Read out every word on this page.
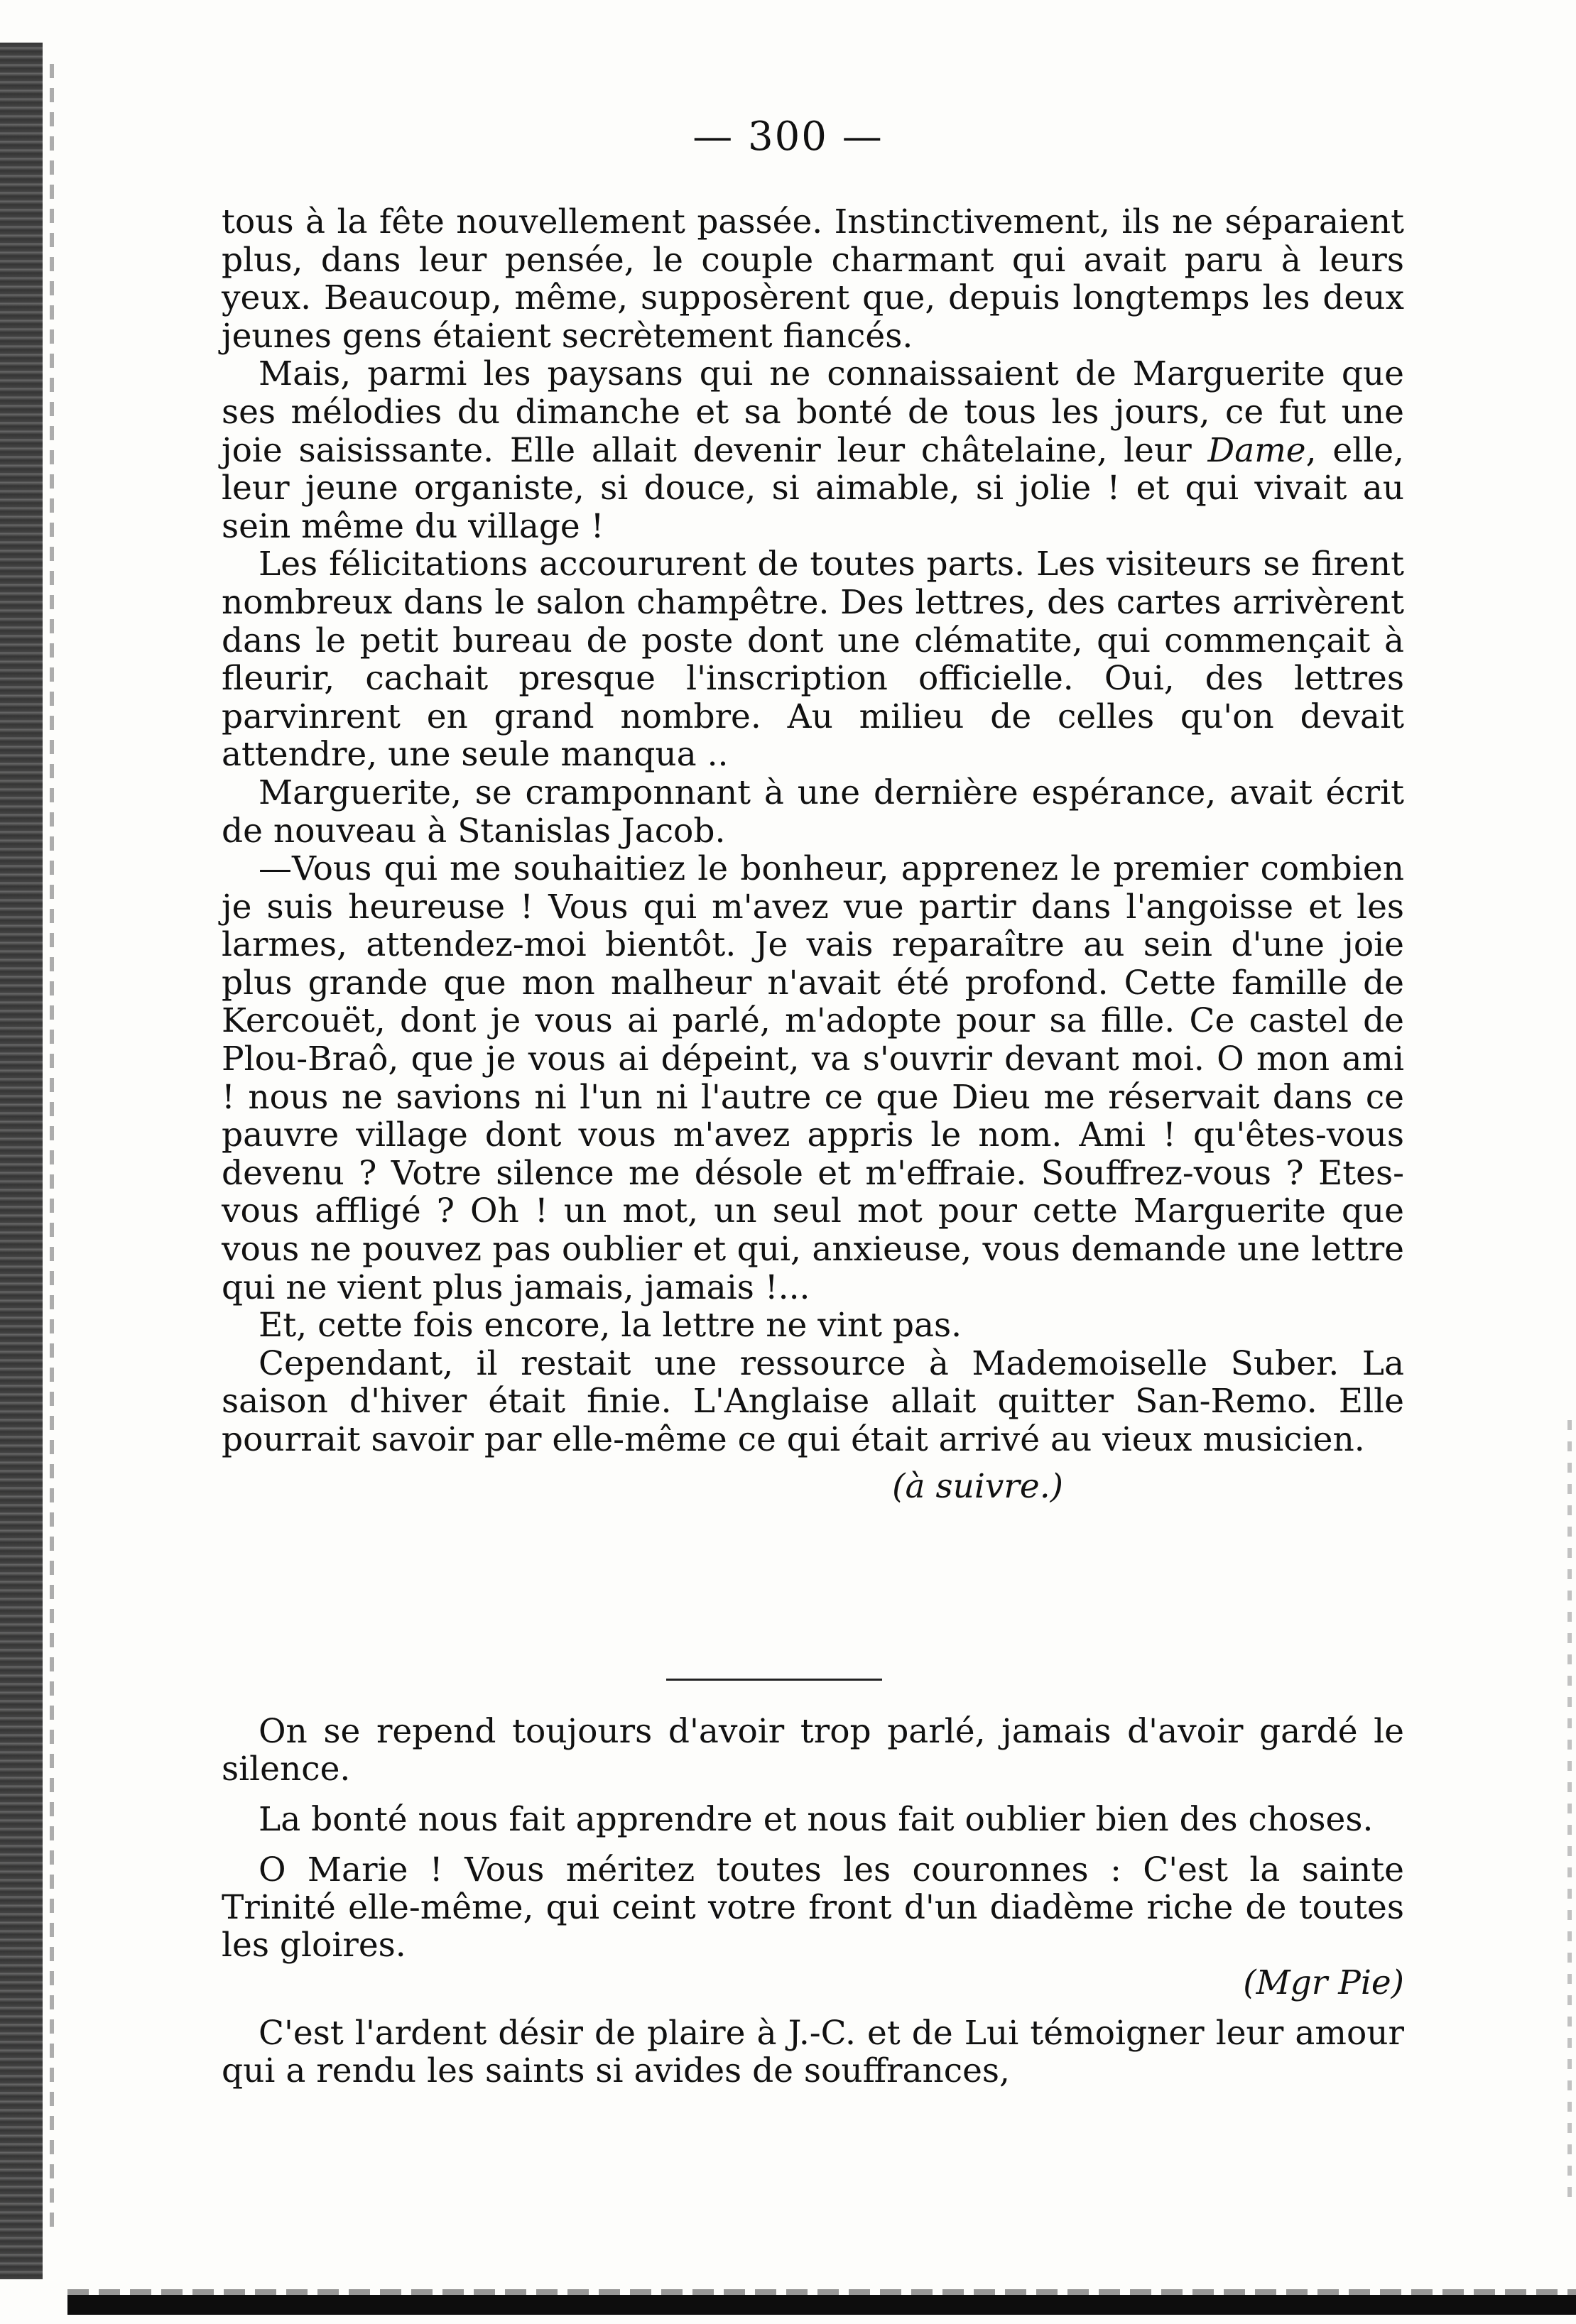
— 300 —

tous à la fête nouvellement passée. Instinctivement, ils ne séparaient plus, dans leur pensée, le couple charmant qui avait paru à leurs yeux. Beaucoup, même, supposèrent que, depuis longtemps les deux jeunes gens étaient secrètement fiancés.

Mais, parmi les paysans qui ne connaissaient de Marguerite que ses mélodies du dimanche et sa bonté de tous les jours, ce fut une joie saisissante. Elle allait devenir leur châtelaine, leur Dame, elle, leur jeune organiste, si douce, si aimable, si jolie ! et qui vivait au sein même du village !

Les félicitations accoururent de toutes parts. Les visiteurs se firent nombreux dans le salon champêtre. Des lettres, des cartes arrivèrent dans le petit bureau de poste dont une clématite, qui commençait à fleurir, cachait presque l'inscription officielle. Oui, des lettres parvinrent en grand nombre. Au milieu de celles qu'on devait attendre, une seule manqua ..

Marguerite, se cramponnant à une dernière espérance, avait écrit de nouveau à Stanislas Jacob.

—Vous qui me souhaitiez le bonheur, apprenez le premier combien je suis heureuse ! Vous qui m'avez vue partir dans l'angoisse et les larmes, attendez-moi bientôt. Je vais reparaître au sein d'une joie plus grande que mon malheur n'avait été profond. Cette famille de Kercouët, dont je vous ai parlé, m'adopte pour sa fille. Ce castel de Plou-Braô, que je vous ai dépeint, va s'ouvrir devant moi. O mon ami ! nous ne savions ni l'un ni l'autre ce que Dieu me réservait dans ce pauvre village dont vous m'avez appris le nom. Ami ! qu'êtes-vous devenu ? Votre silence me désole et m'effraie. Souffrez-vous ? Etes-vous affligé ? Oh ! un mot, un seul mot pour cette Marguerite que vous ne pouvez pas oublier et qui, anxieuse, vous demande une lettre qui ne vient plus jamais, jamais !...

Et, cette fois encore, la lettre ne vint pas.

Cependant, il restait une ressource à Mademoiselle Suber. La saison d'hiver était finie. L'Anglaise allait quitter San-Remo. Elle pourrait savoir par elle-même ce qui était arrivé au vieux musicien.

(à suivre.)

On se repend toujours d'avoir trop parlé, jamais d'avoir gardé le silence.

La bonté nous fait apprendre et nous fait oublier bien des choses.

O Marie ! Vous méritez toutes les couronnes : C'est la sainte Trinité elle-même, qui ceint votre front d'un diadème riche de toutes les gloires.
(Mgr Pie)

C'est l'ardent désir de plaire à J.-C. et de Lui témoigner leur amour qui a rendu les saints si avides de souffrances,
